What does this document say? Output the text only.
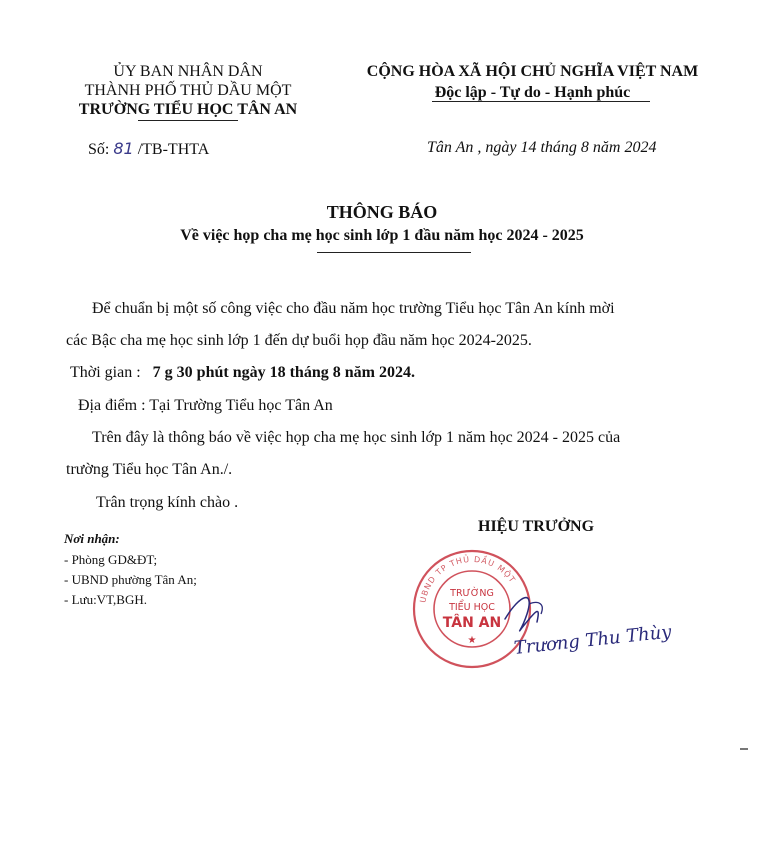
ỦY BAN NHÂN DÂN
THÀNH PHỐ THỦ DẦU MỘT
TRƯỜNG TIỂU HỌC TÂN AN
CỘNG HÒA XÃ HỘI CHỦ NGHĨA VIỆT NAM
Độc lập - Tự do - Hạnh phúc
Số: 81 /TB-THTA	Tân An , ngày 14 tháng 8 năm 2024
THÔNG BÁO
Về việc họp cha mẹ học sinh lớp 1 đầu năm học 2024 - 2025
Để chuẩn bị một số công việc cho đầu năm học trường Tiểu học Tân An kính mời
các Bậc cha mẹ học sinh lớp 1 đến dự buổi họp đầu năm học 2024-2025.
Thời gian : 7 g 30 phút ngày 18 tháng 8 năm 2024.
Địa điểm : Tại Trường Tiểu học Tân An
Trên đây là thông báo về việc họp cha mẹ học sinh lớp 1 năm học 2024 - 2025 của
trường Tiểu học Tân An./.
Trân trọng kính chào .
Nơi nhận:
- Phòng GD&ĐT;
- UBND phường Tân An;
- Lưu:VT,BGH.
HIỆU TRƯỞNG
UBND TP THỦ DẦU MỘT
TRƯỜNG
TIỂU HỌC
TÂN AN
★ Trương Thu Thùy
